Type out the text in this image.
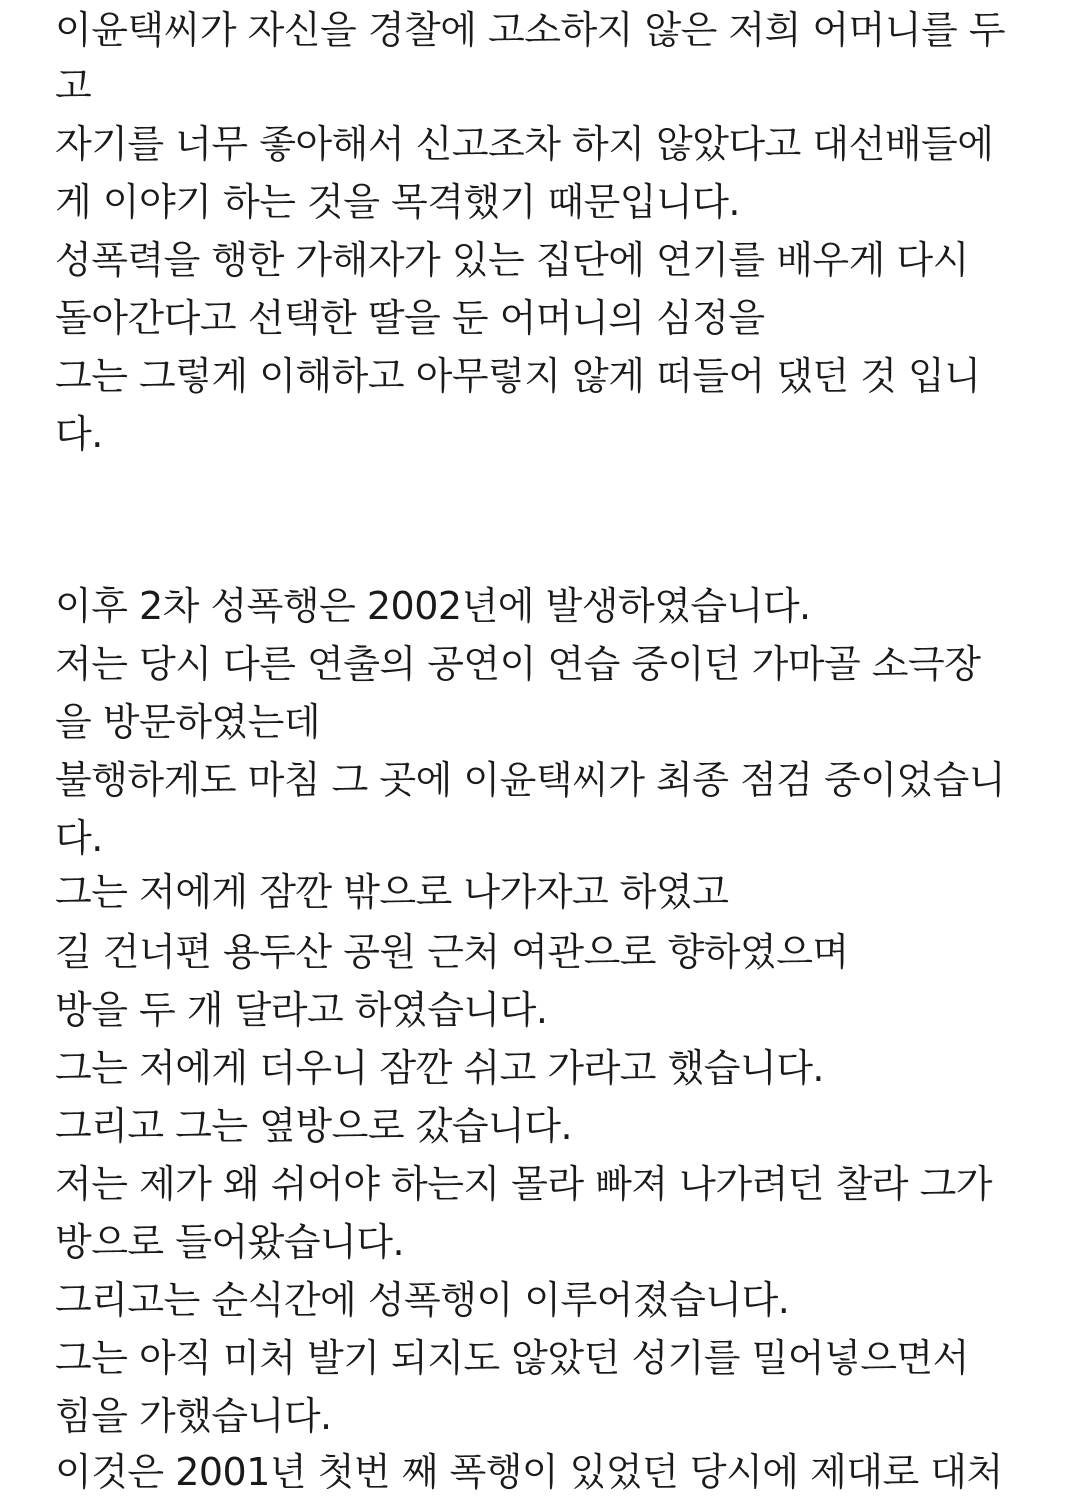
이윤택씨가 자신을 경찰에 고소하지 않은 저희 어머니를 두
고
자기를 너무 좋아해서 신고조차 하지 않았다고 대선배들에
게 이야기 하는 것을 목격했기 때문입니다.
성폭력을 행한 가해자가 있는 집단에 연기를 배우게 다시
돌아간다고 선택한 딸을 둔 어머니의 심정을
그는 그렇게 이해하고 아무렇지 않게 떠들어 댔던 것 입니
다.
이후 2차 성폭행은 2002년에 발생하였습니다.
저는 당시 다른 연출의 공연이 연습 중이던 가마골 소극장
을 방문하였는데
불행하게도 마침 그 곳에 이윤택씨가 최종 점검 중이었습니
다.
그는 저에게 잠깐 밖으로 나가자고 하였고
길 건너편 용두산 공원 근처 여관으로 향하였으며
방을 두 개 달라고 하였습니다.
그는 저에게 더우니 잠깐 쉬고 가라고 했습니다.
그리고 그는 옆방으로 갔습니다.
저는 제가 왜 쉬어야 하는지 몰라 빠져 나가려던 찰라 그가
방으로 들어왔습니다.
그리고는 순식간에 성폭행이 이루어졌습니다.
그는 아직 미처 발기 되지도 않았던 성기를 밀어넣으면서
힘을 가했습니다.
이것은 2001년 첫번 째 폭행이 있었던 당시에 제대로 대처
